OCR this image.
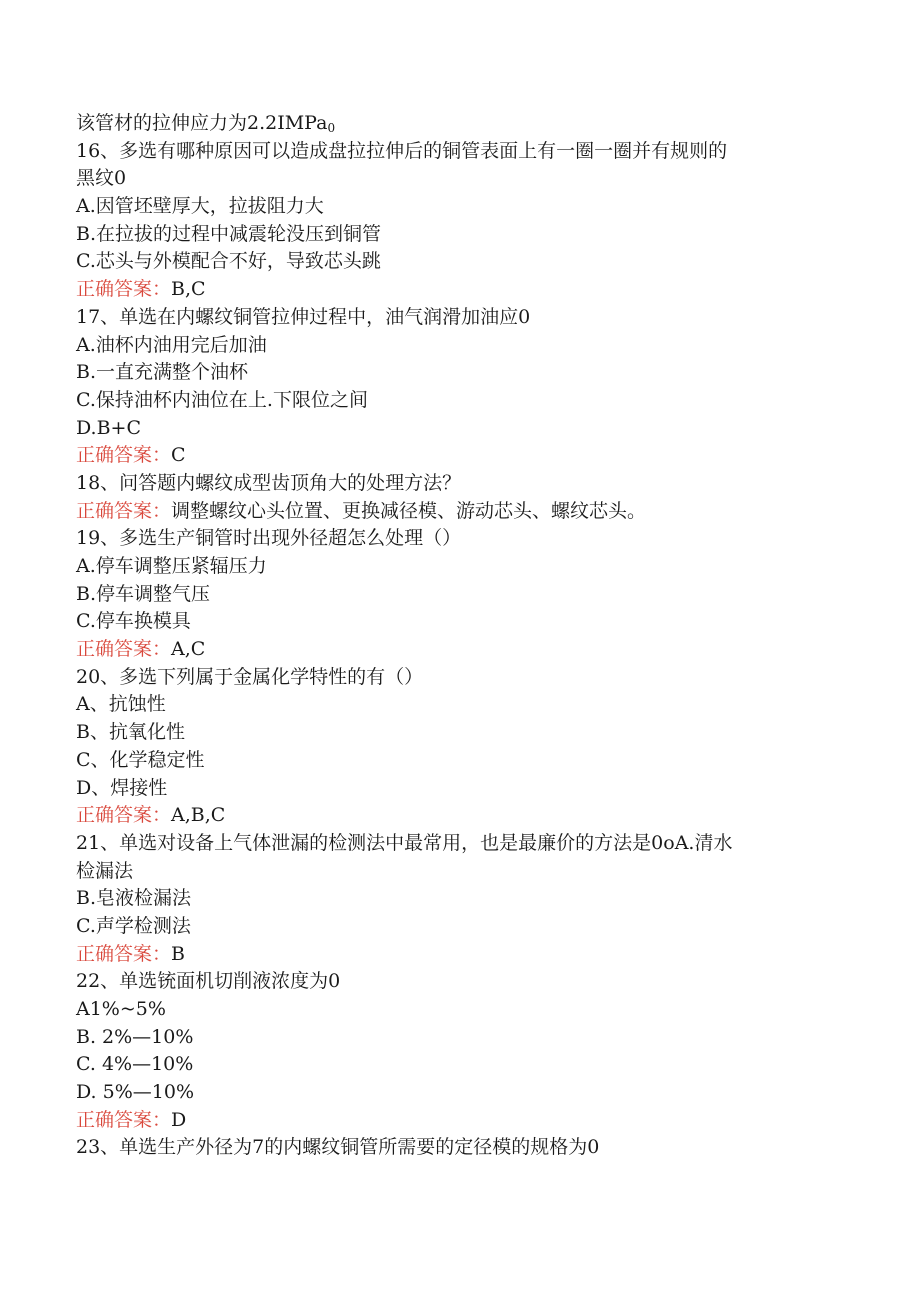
该管材的拉伸应力为2.2IMPa$_0$
16、多选有哪种原因可以造成盘拉拉伸后的铜管表面上有一圈一圈并有规则的
黑纹0
A.因管坯壁厚大，拉拔阻力大
B.在拉拔的过程中减震轮没压到铜管
C.芯头与外模配合不好，导致芯头跳
正确答案：B,C
17、单选在内螺纹铜管拉伸过程中，油气润滑加油应0
A.油杯内油用完后加油
B.一直充满整个油杯
C.保持油杯内油位在上.下限位之间
D.B+C
正确答案：C
18、问答题内螺纹成型齿顶角大的处理方法？
正确答案：调整螺纹心头位置、更换减径模、游动芯头、螺纹芯头。
19、多选生产铜管时出现外径超怎么处理（）
A.停车调整压紧辐压力
B.停车调整气压
C.停车换模具
正确答案：A,C
20、多选下列属于金属化学特性的有（）
A、抗蚀性
B、抗氧化性
C、化学稳定性
D、焊接性
正确答案：A,B,C
21、单选对设备上气体泄漏的检测法中最常用，也是最廉价的方法是0oA.清水
检漏法
B.皂液检漏法
C.声学检测法
正确答案：B
22、单选铳面机切削液浓度为0
A1%~5%
B. 2%—10%
C. 4%—10%
D. 5%—10%
正确答案：D
23、单选生产外径为7的内螺纹铜管所需要的定径模的规格为0
